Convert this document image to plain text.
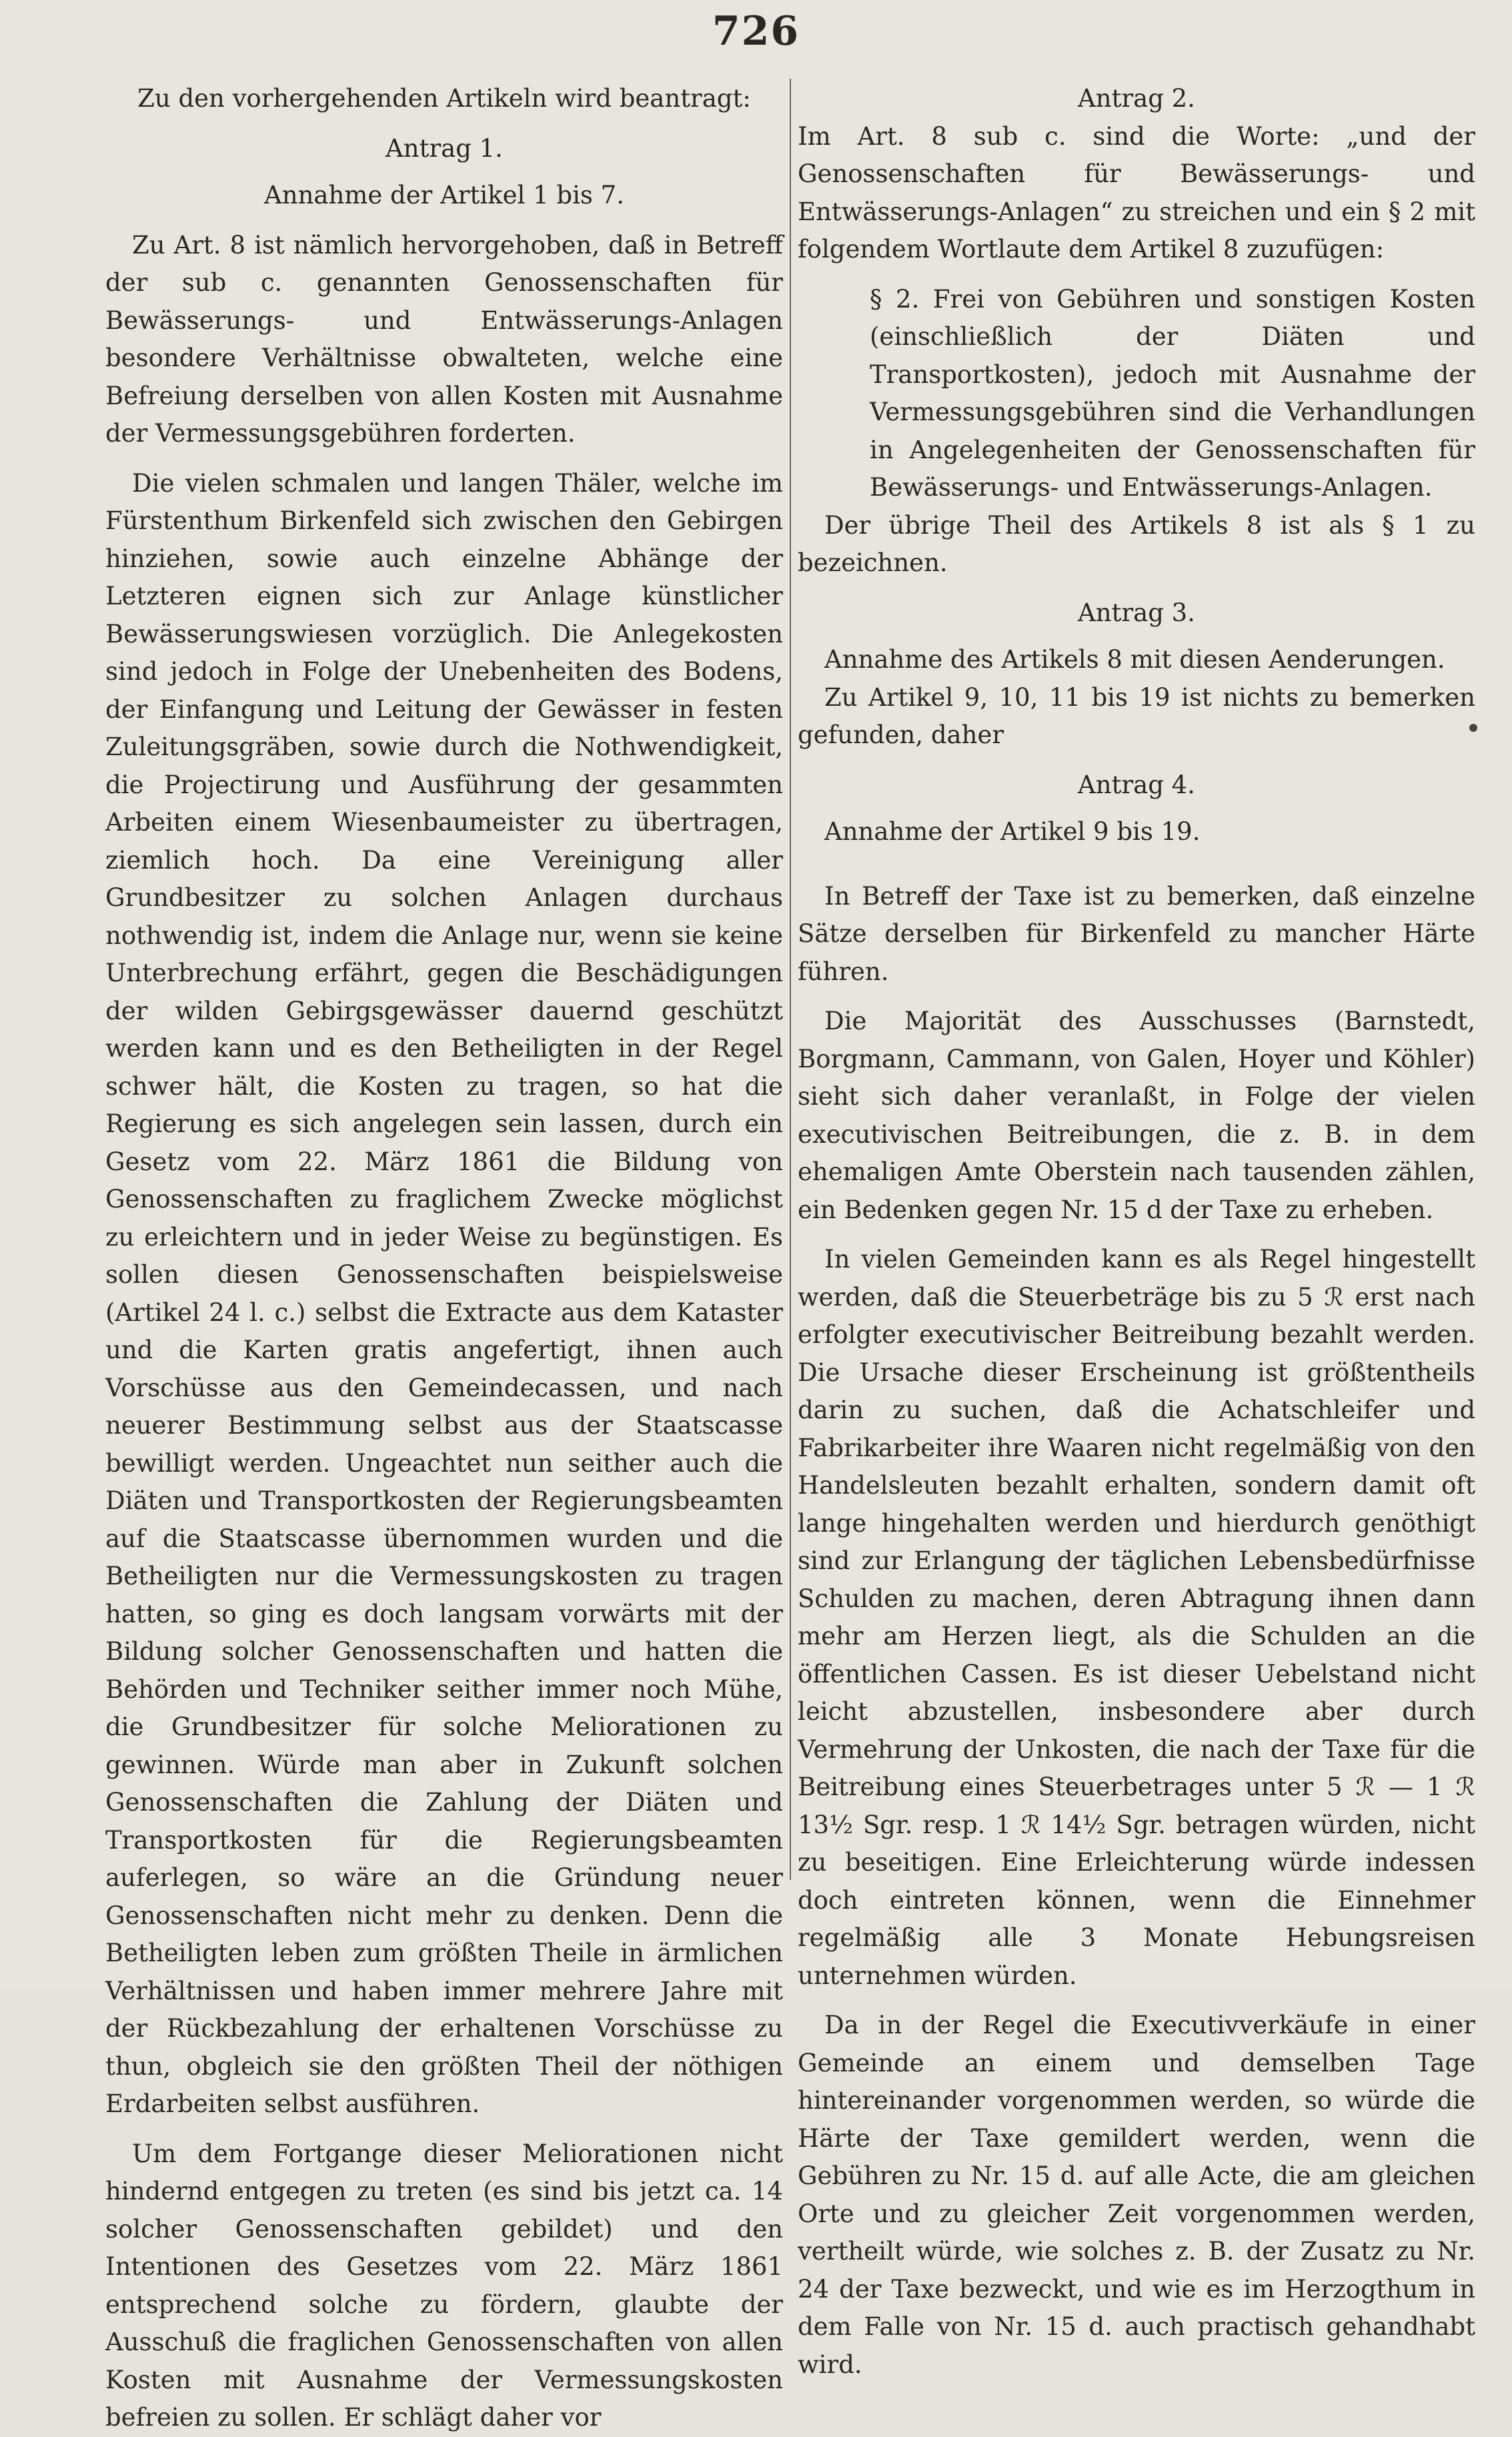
726

Zu den vorhergehenden Artikeln wird beantragt:

Antrag 1.

Annahme der Artikel 1 bis 7.

Zu Art. 8 ist nämlich hervorgehoben, daß in Betreff der sub c. genannten Genossenschaften für Bewässerungs- und Entwässerungs-Anlagen besondere Verhältnisse obwalteten, welche eine Befreiung derselben von allen Kosten mit Ausnahme der Vermessungsgebühren forderten.

Die vielen schmalen und langen Thäler, welche im Fürstenthum Birkenfeld sich zwischen den Gebirgen hinziehen, sowie auch einzelne Abhänge der Letzteren eignen sich zur Anlage künstlicher Bewässerungswiesen vorzüglich. Die Anlegekosten sind jedoch in Folge der Unebenheiten des Bodens, der Einfangung und Leitung der Gewässer in festen Zuleitungsgräben, sowie durch die Nothwendigkeit, die Projectirung und Ausführung der gesammten Arbeiten einem Wiesenbaumeister zu übertragen, ziemlich hoch. Da eine Vereinigung aller Grundbesitzer zu solchen Anlagen durchaus nothwendig ist, indem die Anlage nur, wenn sie keine Unterbrechung erfährt, gegen die Beschädigungen der wilden Gebirgsgewässer dauernd geschützt werden kann und es den Betheiligten in der Regel schwer hält, die Kosten zu tragen, so hat die Regierung es sich angelegen sein lassen, durch ein Gesetz vom 22. März 1861 die Bildung von Genossenschaften zu fraglichem Zwecke möglichst zu erleichtern und in jeder Weise zu begünstigen. Es sollen diesen Genossenschaften beispielsweise (Artikel 24 l. c.) selbst die Extracte aus dem Kataster und die Karten gratis angefertigt, ihnen auch Vorschüsse aus den Gemeindecassen, und nach neuerer Bestimmung selbst aus der Staatscasse bewilligt werden. Ungeachtet nun seither auch die Diäten und Transportkosten der Regierungsbeamten auf die Staatscasse übernommen wurden und die Betheiligten nur die Vermessungskosten zu tragen hatten, so ging es doch langsam vorwärts mit der Bildung solcher Genossenschaften und hatten die Behörden und Techniker seither immer noch Mühe, die Grundbesitzer für solche Meliorationen zu gewinnen. Würde man aber in Zukunft solchen Genossenschaften die Zahlung der Diäten und Transportkosten für die Regierungsbeamten auferlegen, so wäre an die Gründung neuer Genossenschaften nicht mehr zu denken. Denn die Betheiligten leben zum größten Theile in ärmlichen Verhältnissen und haben immer mehrere Jahre mit der Rückbezahlung der erhaltenen Vorschüsse zu thun, obgleich sie den größten Theil der nöthigen Erdarbeiten selbst ausführen.

Um dem Fortgange dieser Meliorationen nicht hindernd entgegen zu treten (es sind bis jetzt ca. 14 solcher Genossenschaften gebildet) und den Intentionen des Gesetzes vom 22. März 1861 entsprechend solche zu fördern, glaubte der Ausschuß die fraglichen Genossenschaften von allen Kosten mit Ausnahme der Vermessungskosten befreien zu sollen. Er schlägt daher vor

Antrag 2.

Im Art. 8 sub c. sind die Worte: „und der Genossenschaften für Bewässerungs- und Entwässerungs-Anlagen“ zu streichen und ein § 2 mit folgendem Wortlaute dem Artikel 8 zuzufügen:

§ 2. Frei von Gebühren und sonstigen Kosten (einschließlich der Diäten und Transportkosten), jedoch mit Ausnahme der Vermessungsgebühren sind die Verhandlungen in Angelegenheiten der Genossenschaften für Bewässerungs- und Entwässerungs-Anlagen.

Der übrige Theil des Artikels 8 ist als § 1 zu bezeichnen.

Antrag 3.

Annahme des Artikels 8 mit diesen Aenderungen.

Zu Artikel 9, 10, 11 bis 19 ist nichts zu bemerken gefunden, daher

Antrag 4.

Annahme der Artikel 9 bis 19.

In Betreff der Taxe ist zu bemerken, daß einzelne Sätze derselben für Birkenfeld zu mancher Härte führen.

Die Majorität des Ausschusses (Barnstedt, Borgmann, Cammann, von Galen, Hoyer und Köhler) sieht sich daher veranlaßt, in Folge der vielen executivischen Beitreibungen, die z. B. in dem ehemaligen Amte Oberstein nach tausenden zählen, ein Bedenken gegen Nr. 15 d der Taxe zu erheben.

In vielen Gemeinden kann es als Regel hingestellt werden, daß die Steuerbeträge bis zu 5 ℛ erst nach erfolgter executivischer Beitreibung bezahlt werden. Die Ursache dieser Erscheinung ist größtentheils darin zu suchen, daß die Achatschleifer und Fabrikarbeiter ihre Waaren nicht regelmäßig von den Handelsleuten bezahlt erhalten, sondern damit oft lange hingehalten werden und hierdurch genöthigt sind zur Erlangung der täglichen Lebensbedürfnisse Schulden zu machen, deren Abtragung ihnen dann mehr am Herzen liegt, als die Schulden an die öffentlichen Cassen. Es ist dieser Uebelstand nicht leicht abzustellen, insbesondere aber durch Vermehrung der Unkosten, die nach der Taxe für die Beitreibung eines Steuerbetrages unter 5 ℛ — 1 ℛ 13½ Sgr. resp. 1 ℛ 14½ Sgr. betragen würden, nicht zu beseitigen. Eine Erleichterung würde indessen doch eintreten können, wenn die Einnehmer regelmäßig alle 3 Monate Hebungsreisen unternehmen würden.

Da in der Regel die Executivverkäufe in einer Gemeinde an einem und demselben Tage hintereinander vorgenommen werden, so würde die Härte der Taxe gemildert werden, wenn die Gebühren zu Nr. 15 d. auf alle Acte, die am gleichen Orte und zu gleicher Zeit vorgenommen werden, vertheilt würde, wie solches z. B. der Zusatz zu Nr. 24 der Taxe bezweckt, und wie es im Herzogthum in dem Falle von Nr. 15 d. auch practisch gehandhabt wird.
